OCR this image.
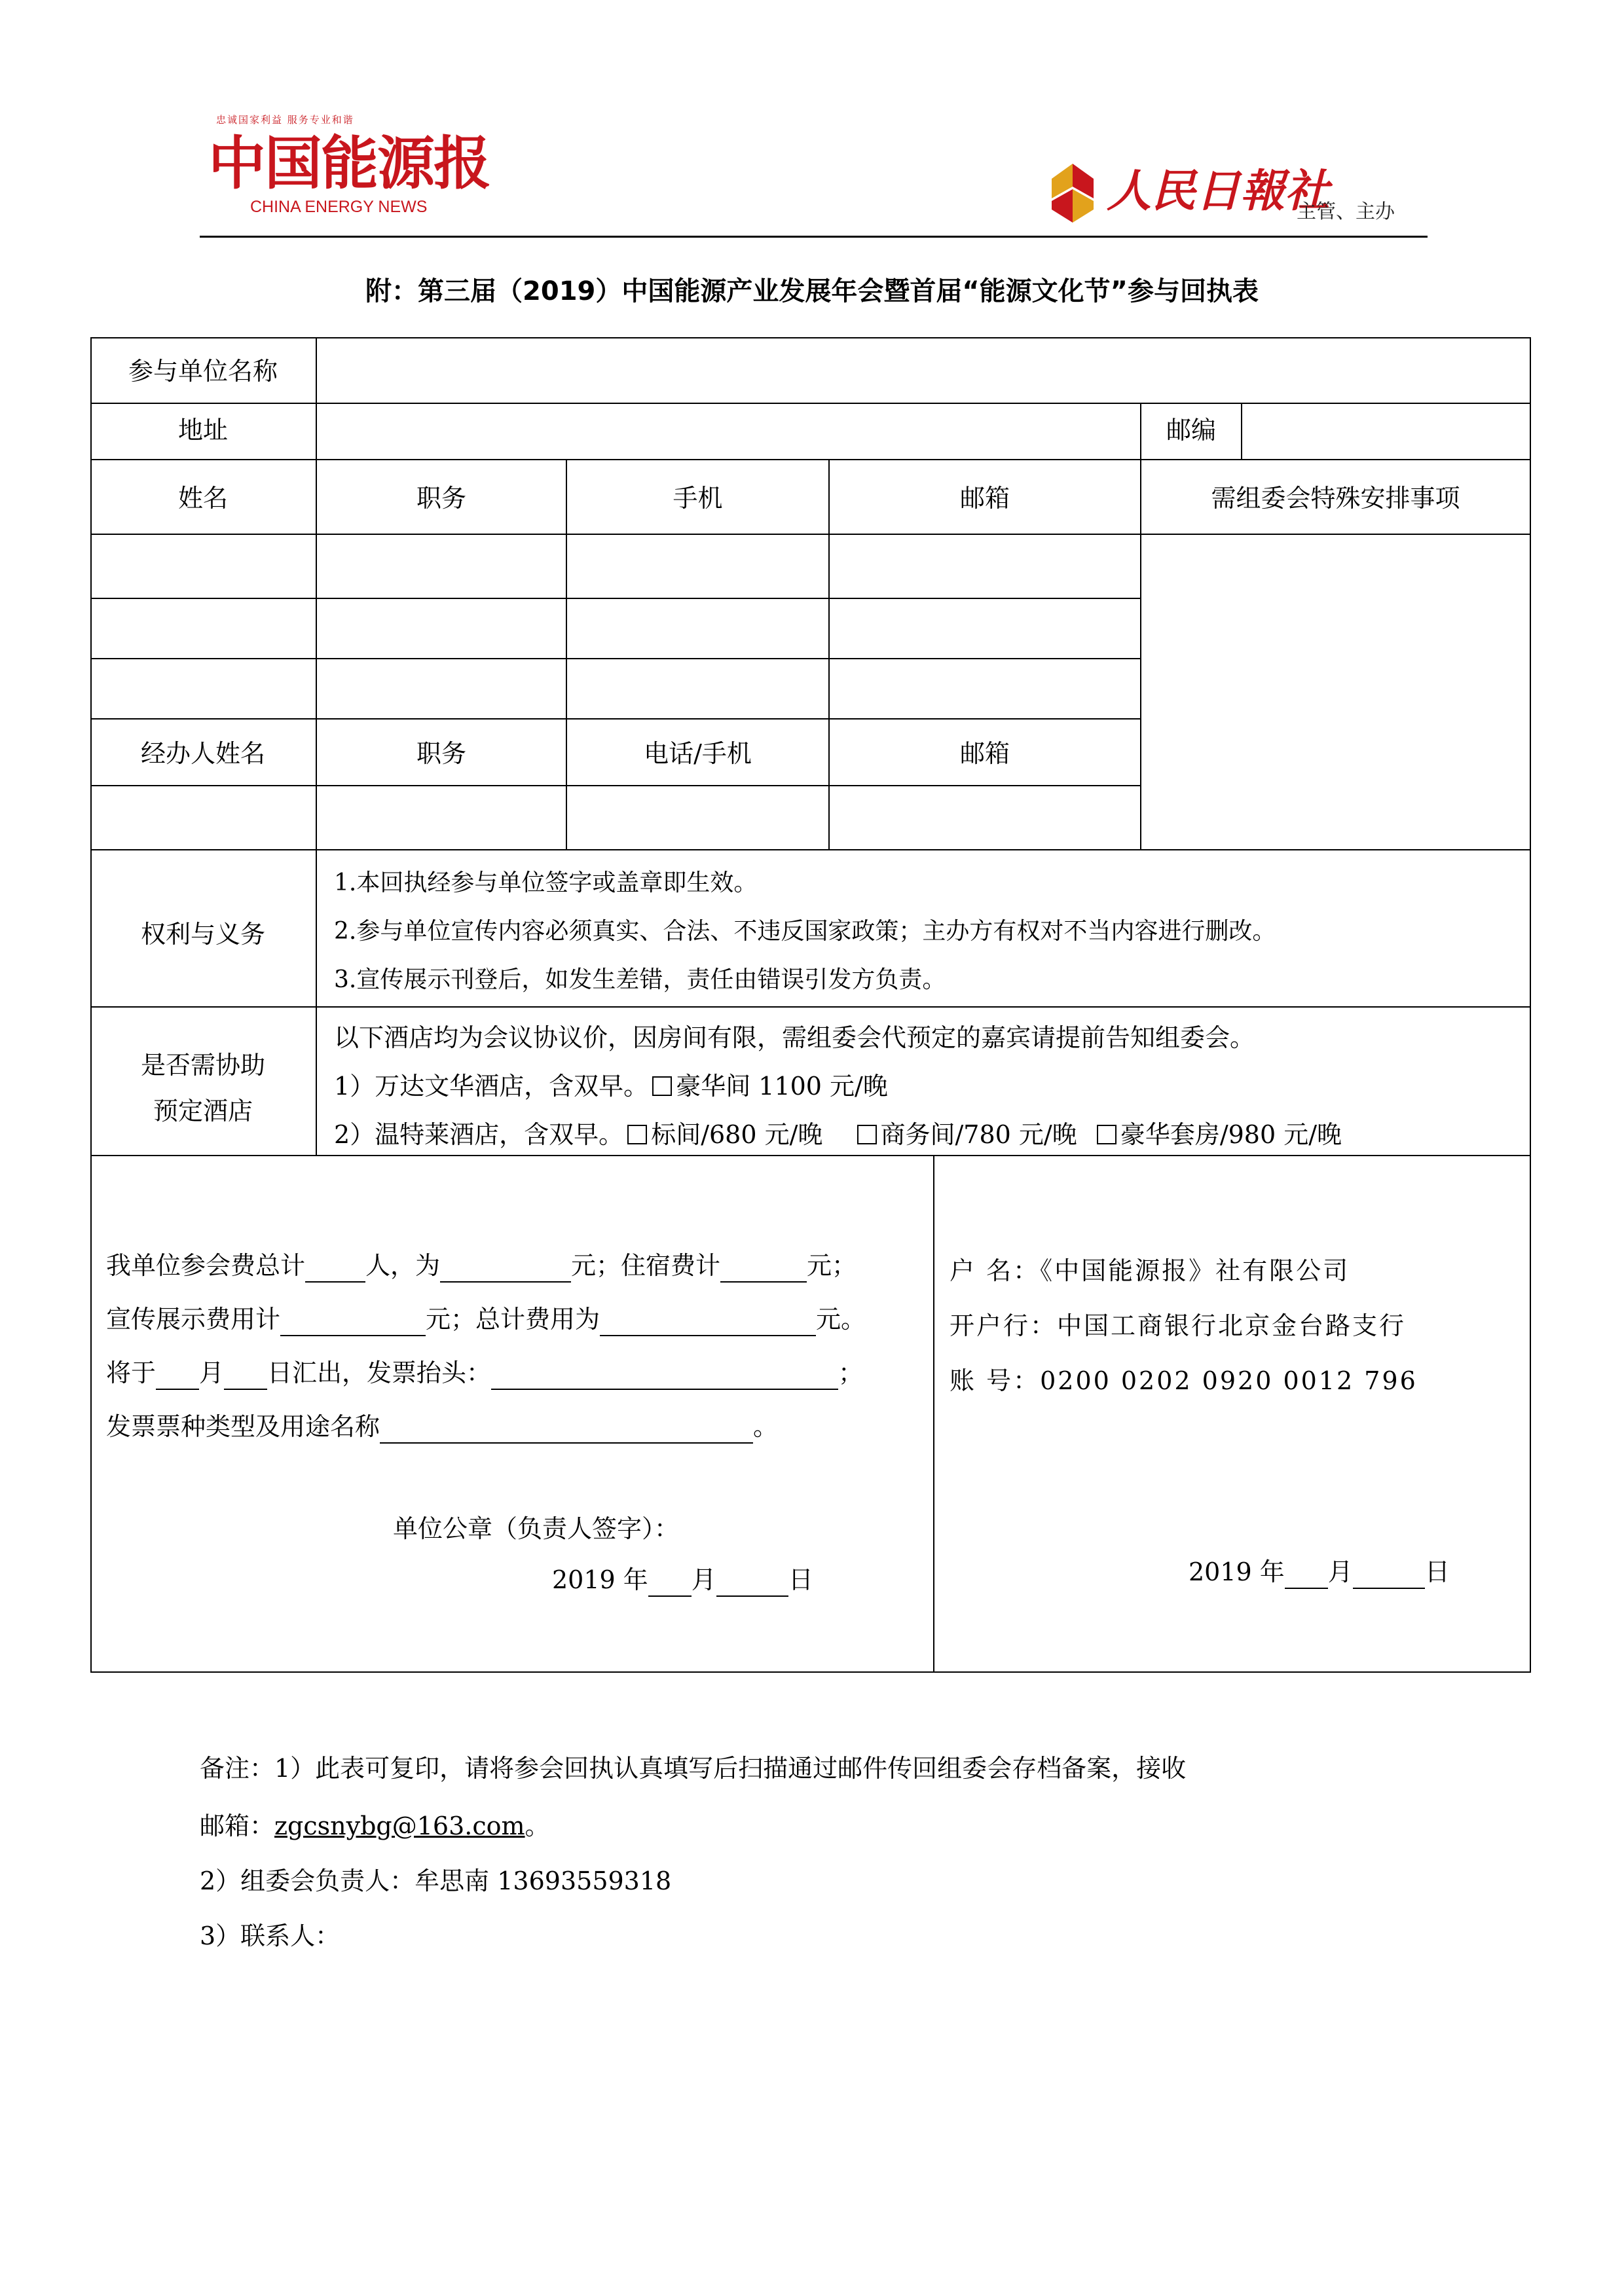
忠诚国家利益 服务专业和谐
中国能源报
CHINA ENERGY NEWS	人民日報社
主管、主办
附：第三届（2019）中国能源产业发展年会暨首届“能源文化节”参与回执表
参与单位名称
地址	邮编
姓名	职务	手机	邮箱	需组委会特殊安排事项
经办人姓名	职务	电话/手机	邮箱
权利与义务
1.本回执经参与单位签字或盖章即生效。
2.参与单位宣传内容必须真实、合法、不违反国家政策；主办方有权对不当内容进行删改。
3.宣传展示刊登后，如发生差错，责任由错误引发方负责。
是否需协助
预定酒店
以下酒店均为会议协议价，因房间有限，需组委会代预定的嘉宾请提前告知组委会。
1）万达文华酒店，含双早。 豪华间 1100 元/晚
2）温特莱酒店，含双早。 标间/680 元/晚 商务间/780 元/晚 豪华套房/980 元/晚
我单位参会费总计 人，为	元；住宿费计	元；
宣传展示费用计	元；总计费用为	元。
将于 月 日汇出，发票抬头：	；
发票票种类型及用途名称	。
单位公章（负责人签字）：
2019 年 月	日
户 名：《中国能源报》社有限公司
开户行：中国工商银行北京金台路支行
账 号：0200 0202 0920 0012 796
2019 年 月	日
备注：1）此表可复印，请将参会回执认真填写后扫描通过邮件传回组委会存档备案，接收
邮箱：zgcsnybg@163.com。
2）组委会负责人：牟思南 13693559318
3）联系人：
